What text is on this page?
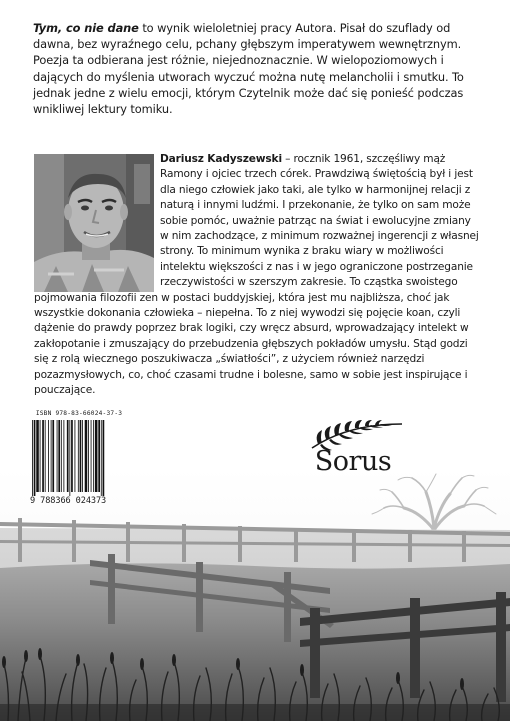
Tym, co nie dane to wynik wieloletniej pracy Autora. Pisał do szuflady od dawna, bez wyraźnego celu, pchany głębszym imperatywem wewnętrznym. Poezja ta odbierana jest różnie, niejednoznacznie. W wielopoziomowych i dających do myślenia utworach wyczuć można nutę melancholii i smutku. To jednak jedne z wielu emocji, którym Czytelnik może dać się ponieść podczas wnikliwej lektury tomiku.

Dariusz Kadyszewski – rocznik 1961, szczęśliwy mąż Ramony i ojciec trzech córek. Prawdziwą świętością był i jest dla niego człowiek jako taki, ale tylko w harmonijnej relacji z naturą i innymi ludźmi. I przekonanie, że tylko on sam może sobie pomóc, uważnie patrząc na świat i ewolucyjne zmiany w nim zachodzące, z minimum rozważnej ingerencji z własnej strony. To minimum wynika z braku wiary w możliwości intelektu większości z nas i w jego ograniczone postrzeganie rzeczywistości w szerszym zakresie. To cząstka swoistego pojmowania filozofii zen w postaci buddyjskiej, która jest mu najbliższa, choć jak wszystkie dokonania człowieka – niepełna. To z niej wywodzi się pojęcie koan, czyli dążenie do prawdy poprzez brak logiki, czy wręcz absurd, wprowadzający intelekt w zakłopotanie i zmuszający do przebudzenia głębszych pokładów umysłu. Stąd godzi się z rolą wiecznego poszukiwacza „światłości”, z użyciem również narzędzi pozazmysłowych, co, choć czasami trudne i bolesne, samo w sobie jest inspirujące i pouczające.

ISBN 978-83-66024-37-3
9 788366 024373
Sorus
